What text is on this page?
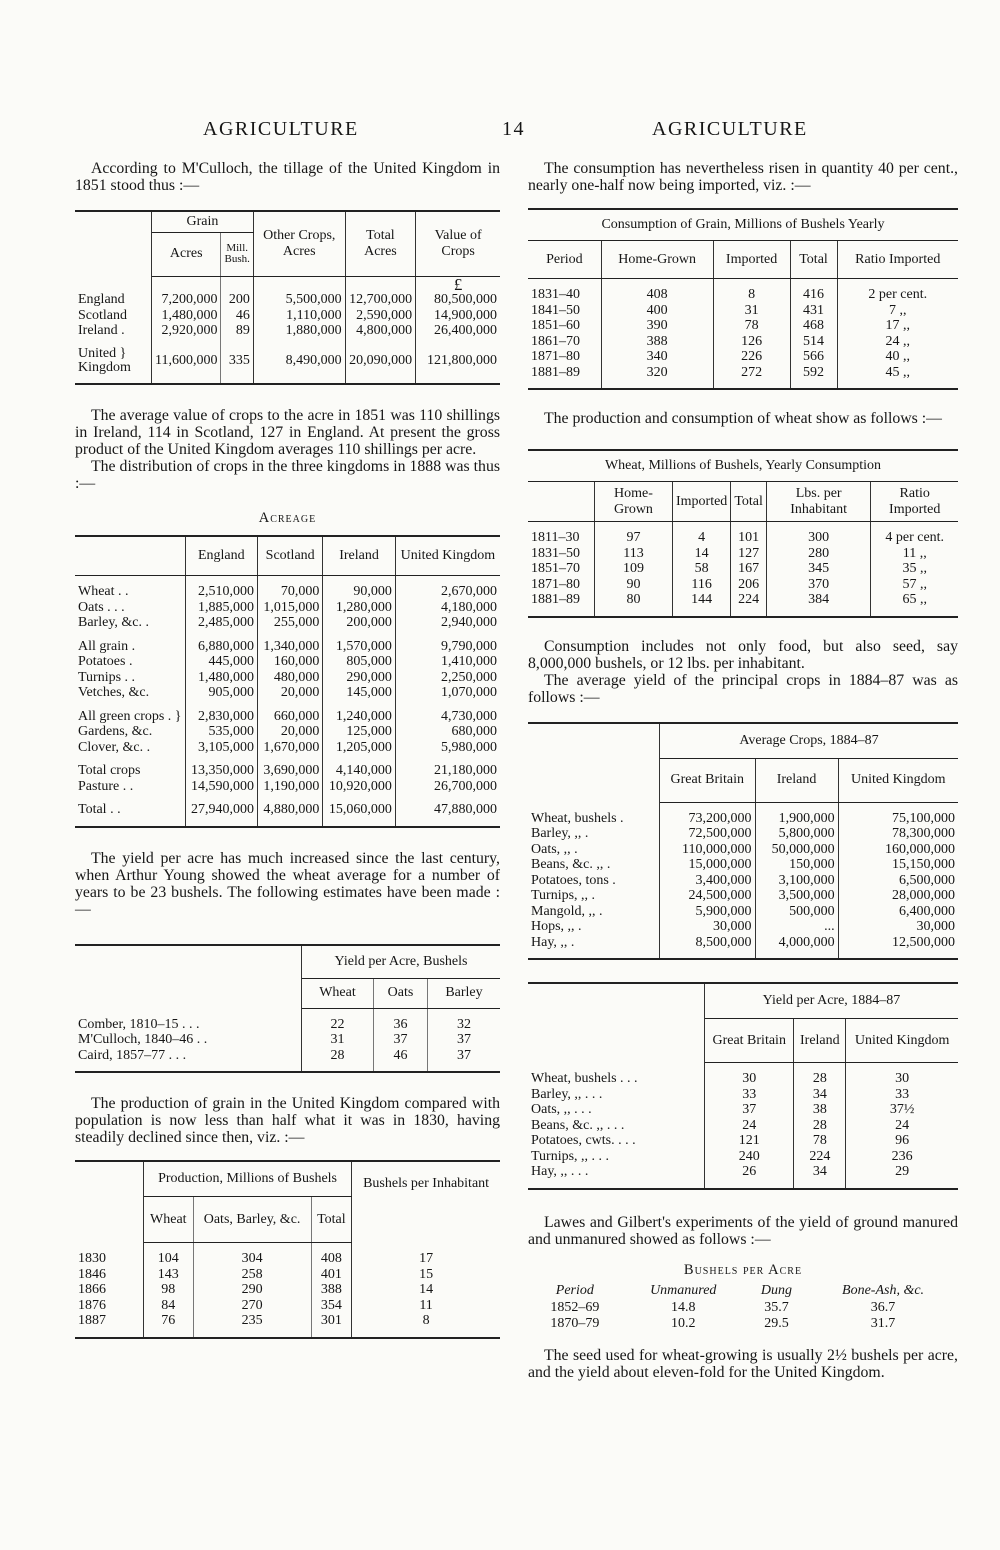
AGRICULTURE	14	AGRICULTURE

According to M'Culloch, the tillage of the United Kingdom in 1851 stood thus :—

	Grain		Other Crops, Acres	Total Acres	Value of Crops
	Acres	Mill. Bush.			
					£
England	7,200,000	200	5,500,000	12,700,000	80,500,000
Scotland	1,480,000	46	1,110,000	2,590,000	14,900,000
Ireland .	2,920,000	89	1,880,000	4,800,000	26,400,000

United }
Kingdom	11,600,000	335	8,490,000	20,090,000	121,800,000

The average value of crops to the acre in 1851 was 110 shillings in Ireland, 114 in Scotland, 127 in England. At present the gross product of the United Kingdom averages 110 shillings per acre.

The distribution of crops in the three kingdoms in 1888 was thus :—

Acreage
	England	Scotland	Ireland	United Kingdom

Wheat . .	2,510,000	70,000	90,000	2,670,000
Oats . . .	1,885,000	1,015,000	1,280,000	4,180,000
Barley, &c. .	2,485,000	255,000	200,000	2,940,000

All grain .	6,880,000	1,340,000	1,570,000	9,790,000
Potatoes .	445,000	160,000	805,000	1,410,000
Turnips . .	1,480,000	480,000	290,000	2,250,000
Vetches, &c.	905,000	20,000	145,000	1,070,000

All green crops . }	2,830,000	660,000	1,240,000	4,730,000
Gardens, &c.	535,000	20,000	125,000	680,000
Clover, &c. .	3,105,000	1,670,000	1,205,000	5,980,000

Total crops	13,350,000	3,690,000	4,140,000	21,180,000
Pasture . .	14,590,000	1,190,000	10,920,000	26,700,000

Total . .	27,940,000	4,880,000	15,060,000	47,880,000

The yield per acre has much increased since the last century, when Arthur Young showed the wheat average for a number of years to be 23 bushels. The following estimates have been made :—

	Yield per Acre, Bushels		
	Wheat	Oats	Barley

Comber, 1810–15 . . .	22	36	32
M'Culloch, 1840–46 . .	31	37	37
Caird, 1857–77 . . .	28	46	37

The production of grain in the United Kingdom compared with population is now less than half what it was in 1830, having steadily declined since then, viz. :—

	Production, Millions of Bushels			Bushels per Inhabitant
	Wheat	Oats, Barley, &c.	Total	

1830	104	304	408	17
1846	143	258	401	15
1866	98	290	388	14
1876	84	270	354	11
1887	76	235	301	8

The consumption has nevertheless risen in quantity 40 per cent., nearly one-half now being imported, viz. :—

Consumption of Grain, Millions of Bushels Yearly				
Period	Home-Grown	Imported	Total	Ratio Imported

1831–40	408	8	416	2 per cent.
1841–50	400	31	431	7 ,,
1851–60	390	78	468	17 ,,
1861–70	388	126	514	24 ,,
1871–80	340	226	566	40 ,,
1881–89	320	272	592	45 ,,

The production and consumption of wheat show as follows :—

Wheat, Millions of Bushels, Yearly Consumption					
	Home-Grown	Imported	Total	Lbs. per Inhabitant	Ratio Imported

1811–30	97	4	101	300	4 per cent.
1831–50	113	14	127	280	11 ,,
1851–70	109	58	167	345	35 ,,
1871–80	90	116	206	370	57 ,,
1881–89	80	144	224	384	65 ,,

Consumption includes not only food, but also seed, say 8,000,000 bushels, or 12 lbs. per inhabitant.

The average yield of the principal crops in 1884–87 was as follows :—

	Average Crops, 1884–87		
	Great Britain	Ireland	United Kingdom

Wheat, bushels .	73,200,000	1,900,000	75,100,000
Barley, ,, .	72,500,000	5,800,000	78,300,000
Oats, ,, .	110,000,000	50,000,000	160,000,000
Beans, &c. ,, .	15,000,000	150,000	15,150,000
Potatoes, tons .	3,400,000	3,100,000	6,500,000
Turnips, ,, .	24,500,000	3,500,000	28,000,000
Mangold, ,, .	5,900,000	500,000	6,400,000
Hops, ,, .	30,000	...	30,000
Hay, ,, .	8,500,000	4,000,000	12,500,000

	Yield per Acre, 1884–87		
	Great Britain	Ireland	United Kingdom

Wheat, bushels . . .	30	28	30
Barley, ,, . . .	33	34	33
Oats, ,, . . .	37	38	37½
Beans, &c. ,, . . .	24	28	24
Potatoes, cwts. . . .	121	78	96
Turnips, ,, . . .	240	224	236
Hay, ,, . . .	26	34	29

Lawes and Gilbert's experiments of the yield of ground manured and unmanured showed as follows :—

Bushels per Acre
Period	Unmanured	Dung	Bone-Ash, &c.
1852–69	14.8	35.7	36.7
1870–79	10.2	29.5	31.7

The seed used for wheat-growing is usually 2½ bushels per acre, and the yield about eleven-fold for the United Kingdom.
